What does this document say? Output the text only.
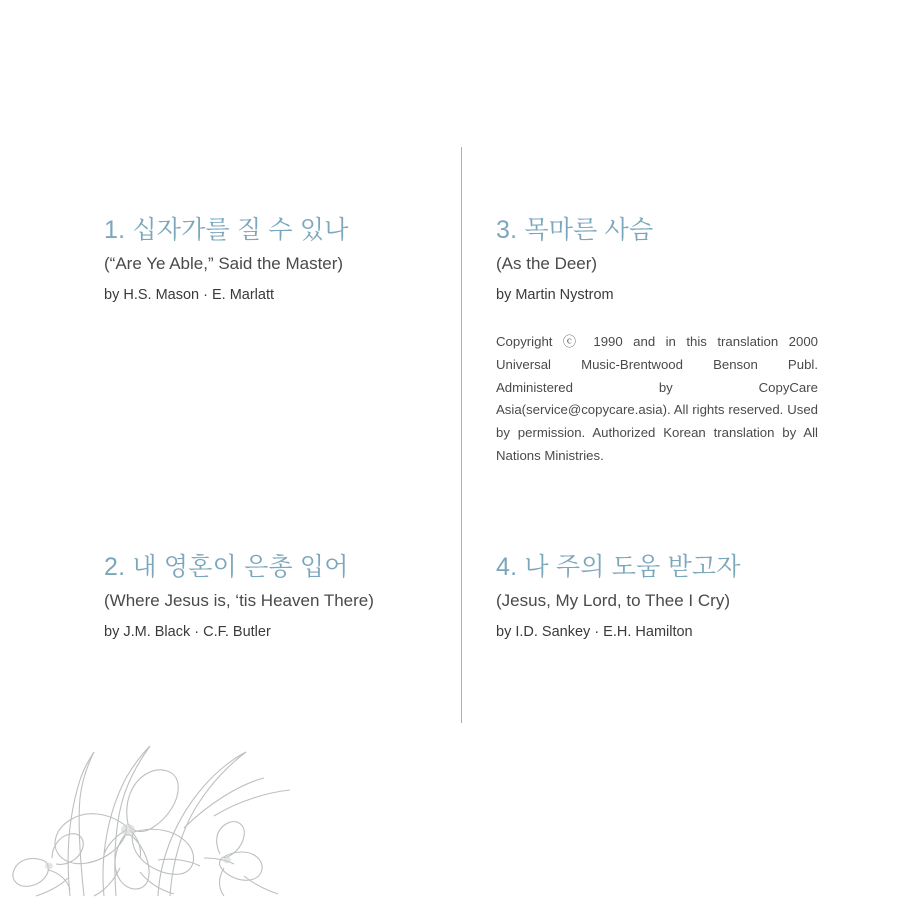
1. 십자가를 질 수 있나
(“Are Ye Able,” Said the Master)
by H.S. Mason · E. Marlatt
3. 목마른 사슴
(As the Deer)
by Martin Nystrom
Copyright ⓒ 1990 and in this translation 2000 Universal Music-Brentwood Benson Publ. Administered by CopyCare Asia(service@copycare.asia). All rights reserved. Used by permission. Authorized Korean translation by All Nations Ministries.
2. 내 영혼이 은총 입어
(Where Jesus is, ‘tis Heaven There)
by J.M. Black · C.F. Butler
4. 나 주의 도움 받고자
(Jesus, My Lord, to Thee I Cry)
by I.D. Sankey · E.H. Hamilton
